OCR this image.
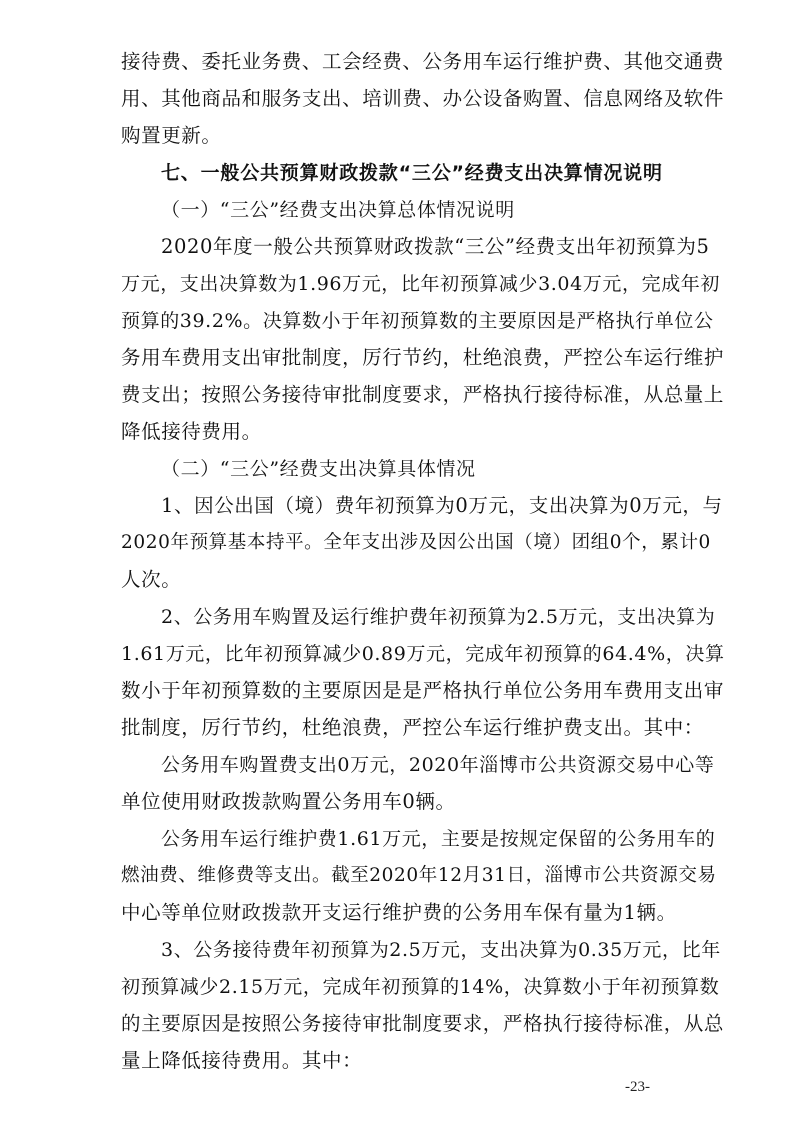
接待费、委托业务费、工会经费、公务用车运行维护费、其他交通费
用、其他商品和服务支出、培训费、办公设备购置、信息网络及软件
购置更新。
七、一般公共预算财政拨款“三公”经费支出决算情况说明
（一）“三公”经费支出决算总体情况说明
2020年度一般公共预算财政拨款“三公”经费支出年初预算为5
万元，支出决算数为1.96万元，比年初预算减少3.04万元，完成年初
预算的39.2%。决算数小于年初预算数的主要原因是严格执行单位公
务用车费用支出审批制度，厉行节约，杜绝浪费，严控公车运行维护
费支出；按照公务接待审批制度要求，严格执行接待标准，从总量上
降低接待费用。
（二）“三公”经费支出决算具体情况
1、因公出国（境）费年初预算为0万元，支出决算为0万元，与
2020年预算基本持平。全年支出涉及因公出国（境）团组0个，累计0
人次。
2、公务用车购置及运行维护费年初预算为2.5万元，支出决算为
1.61万元，比年初预算减少0.89万元，完成年初预算的64.4%，决算
数小于年初预算数的主要原因是是严格执行单位公务用车费用支出审
批制度，厉行节约，杜绝浪费，严控公车运行维护费支出。其中：
公务用车购置费支出0万元，2020年淄博市公共资源交易中心等
单位使用财政拨款购置公务用车0辆。
公务用车运行维护费1.61万元，主要是按规定保留的公务用车的
燃油费、维修费等支出。截至2020年12月31日，淄博市公共资源交易
中心等单位财政拨款开支运行维护费的公务用车保有量为1辆。
3、公务接待费年初预算为2.5万元，支出决算为0.35万元，比年
初预算减少2.15万元，完成年初预算的14%，决算数小于年初预算数
的主要原因是按照公务接待审批制度要求，严格执行接待标准，从总
量上降低接待费用。其中：
-23-
